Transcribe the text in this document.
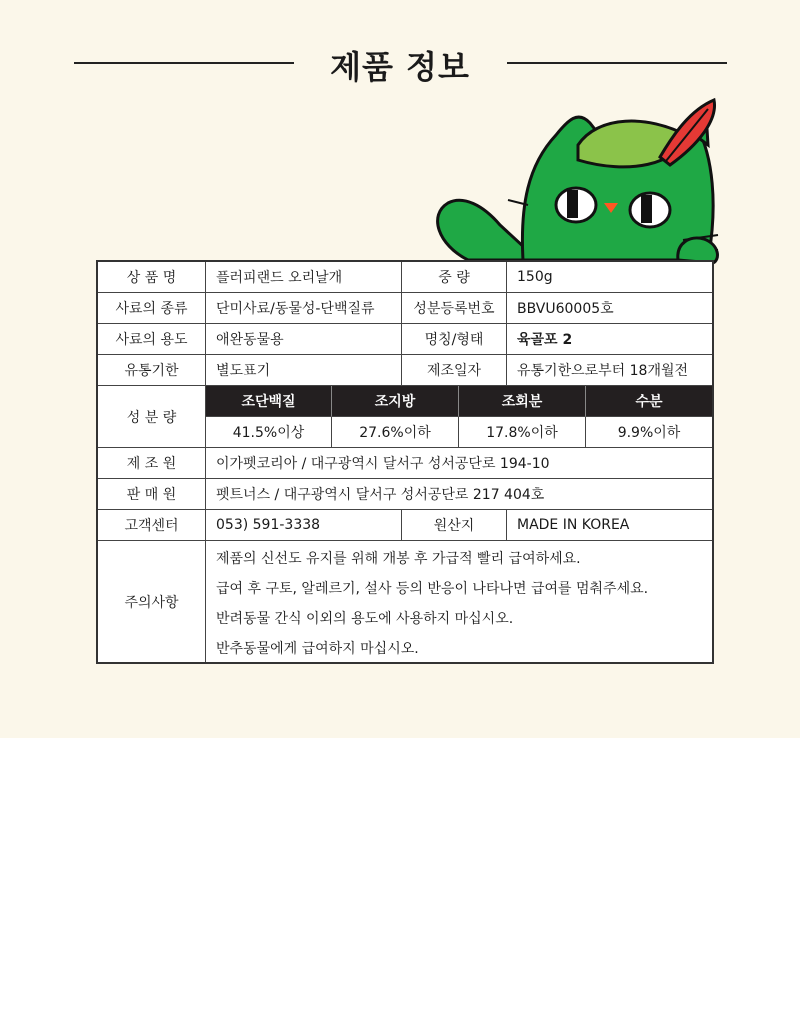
제품 정보
상 품 명	플러피랜드 오리날개	중 량	150g
사료의 종류	단미사료/동물성-단백질류	성분등록번호	BBVU60005호
사료의 용도	애완동물용	명칭/형태	육골포 2
유통기한	별도표기	제조일자	유통기한으로부터 18개월전
성 분 량
조단백질	조지방	조회분	수분
41.5%이상	27.6%이하	17.8%이하	9.9%이하
제 조 원	이가펫코리아 / 대구광역시 달서구 성서공단로 194-10
판 매 원	펫트너스 / 대구광역시 달서구 성서공단로 217 404호
고객센터	053) 591-3338	원산지	MADE IN KOREA
주의사항
제품의 신선도 유지를 위해 개봉 후 가급적 빨리 급여하세요.
급여 후 구토, 알레르기, 설사 등의 반응이 나타나면 급여를 멈춰주세요.
반려동물 간식 이외의 용도에 사용하지 마십시오.
반추동물에게 급여하지 마십시오.
